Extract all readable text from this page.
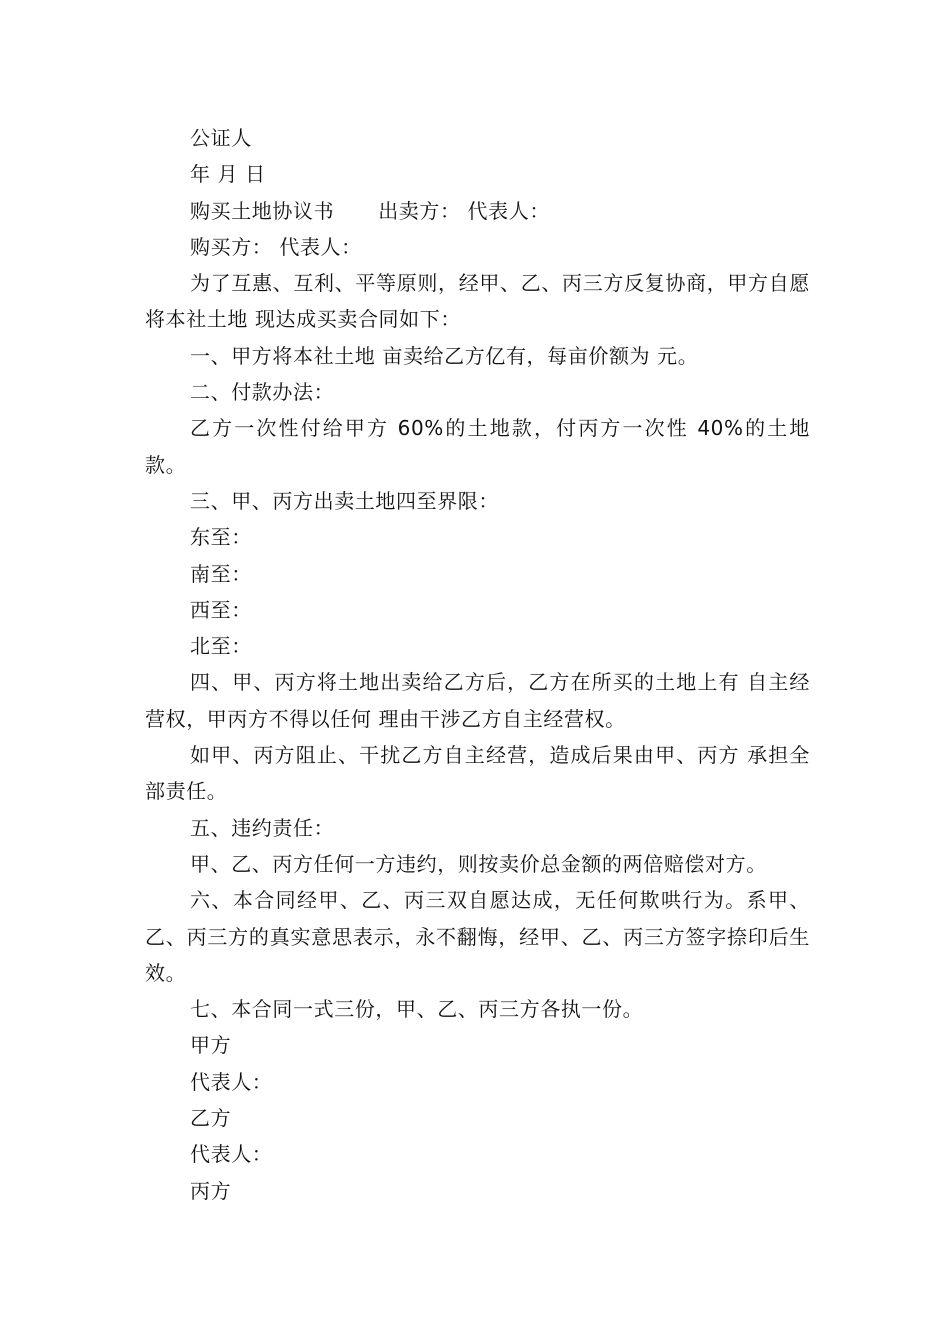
公证人

年 月 日

购买土地协议书 出卖方： 代表人：

购买方： 代表人：

为了互惠、互利、平等原则，经甲、乙、丙三方反复协商，甲方自愿将本社土地 现达成买卖合同如下：

一、甲方将本社土地 亩卖给乙方亿有，每亩价额为 元。

二、付款办法：

乙方一次性付给甲方 60%的土地款，付丙方一次性 40%的土地款。

三、甲、丙方出卖土地四至界限：

东至：

南至：

西至：

北至：

四、甲、丙方将土地出卖给乙方后，乙方在所买的土地上有 自主经营权，甲丙方不得以任何 理由干涉乙方自主经营权。

如甲、丙方阻止、干扰乙方自主经营，造成后果由甲、丙方 承担全部责任。

五、违约责任：

甲、乙、丙方任何一方违约，则按卖价总金额的两倍赔偿对方。

六、本合同经甲、乙、丙三双自愿达成，无任何欺哄行为。系甲、乙、丙三方的真实意思表示，永不翻悔，经甲、乙、丙三方签字捺印后生效。

七、本合同一式三份，甲、乙、丙三方各执一份。

甲方

代表人：

乙方

代表人：

丙方
